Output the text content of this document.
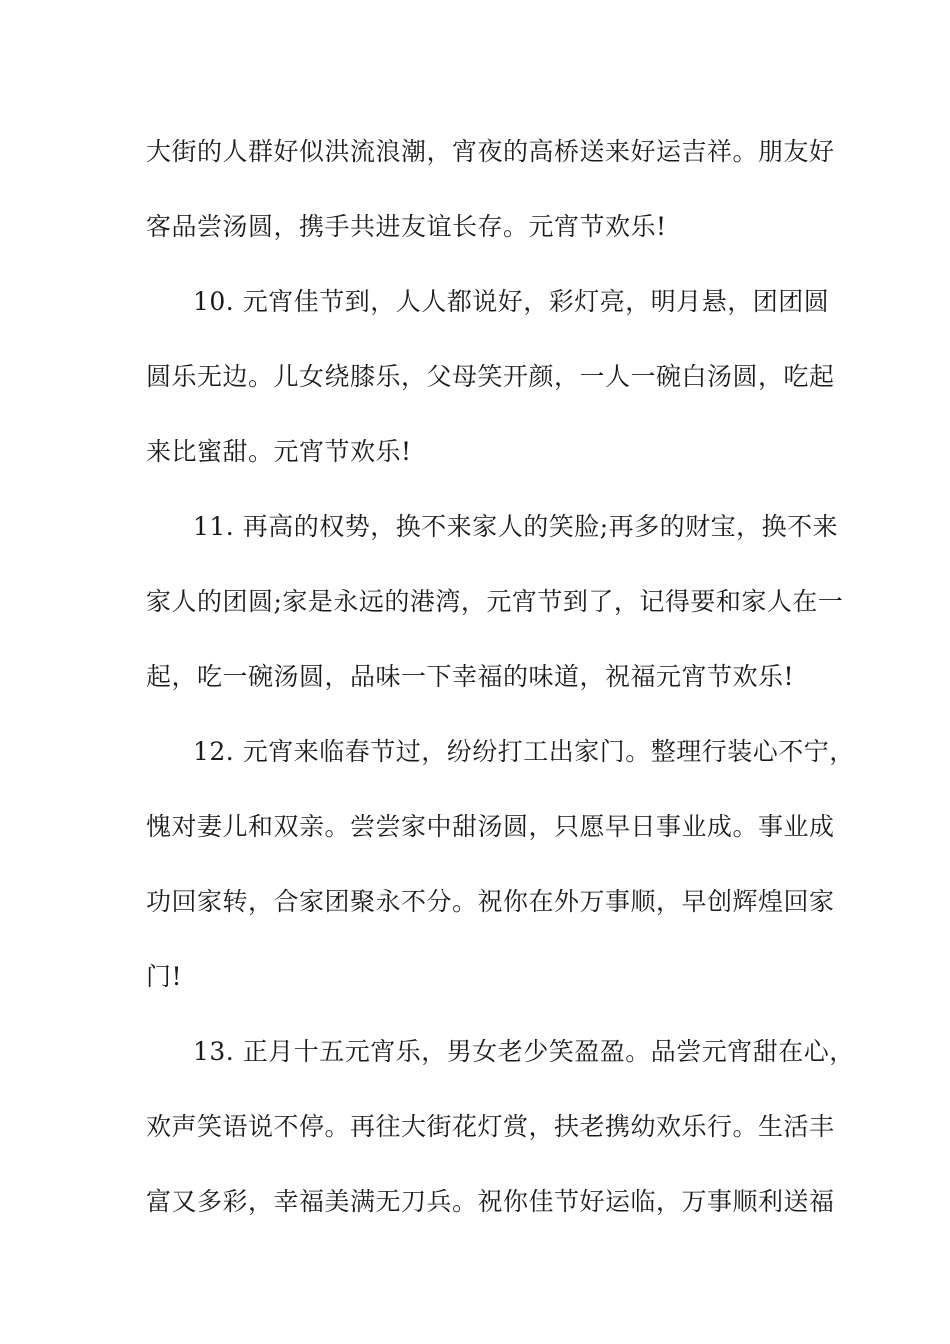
大街的人群好似洪流浪潮，宵夜的高桥送来好运吉祥。朋友好
客品尝汤圆，携手共进友谊长存。元宵节欢乐!
10. 元宵佳节到，人人都说好，彩灯亮，明月悬，团团圆
圆乐无边。儿女绕膝乐，父母笑开颜，一人一碗白汤圆，吃起
来比蜜甜。元宵节欢乐!
11. 再高的权势，换不来家人的笑脸;再多的财宝，换不来
家人的团圆;家是永远的港湾，元宵节到了，记得要和家人在一
起，吃一碗汤圆，品味一下幸福的味道，祝福元宵节欢乐!
12. 元宵来临春节过，纷纷打工出家门。整理行装心不宁，
愧对妻儿和双亲。尝尝家中甜汤圆，只愿早日事业成。事业成
功回家转，合家团聚永不分。祝你在外万事顺，早创辉煌回家
门!
13. 正月十五元宵乐，男女老少笑盈盈。品尝元宵甜在心，
欢声笑语说不停。再往大街花灯赏，扶老携幼欢乐行。生活丰
富又多彩，幸福美满无刀兵。祝你佳节好运临，万事顺利送福
